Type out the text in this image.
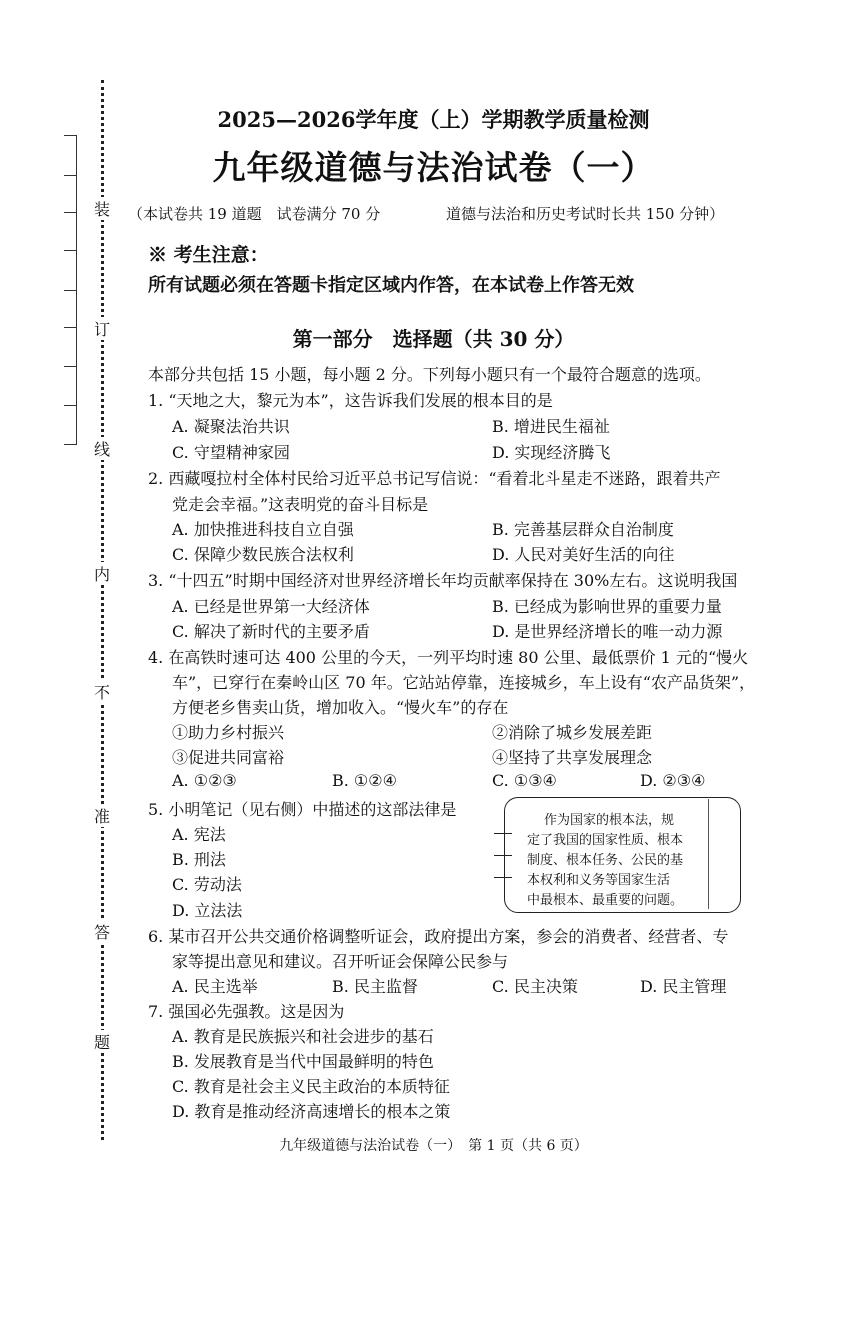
装
订
线
内
不
准
答
题
2025—2026学年度（上）学期教学质量检测
九年级道德与法治试卷（一）
（本试卷共 19 道题　试卷满分 70 分	道德与法治和历史考试时长共 150 分钟）
※ 考生注意：
所有试题必须在答题卡指定区域内作答，在本试卷上作答无效
第一部分　选择题（共 30 分）
本部分共包括 15 小题，每小题 2 分。下列每小题只有一个最符合题意的选项。
1. “天地之大，黎元为本”，这告诉我们发展的根本目的是
A. 凝聚法治共识	B. 增进民生福祉
C. 守望精神家园	D. 实现经济腾飞
2. 西藏嘎拉村全体村民给习近平总书记写信说：“看着北斗星走不迷路，跟着共产
党走会幸福。”这表明党的奋斗目标是
A. 加快推进科技自立自强	B. 完善基层群众自治制度
C. 保障少数民族合法权利	D. 人民对美好生活的向往
3. “十四五”时期中国经济对世界经济增长年均贡献率保持在 30%左右。这说明我国
A. 已经是世界第一大经济体	B. 已经成为影响世界的重要力量
C. 解决了新时代的主要矛盾	D. 是世界经济增长的唯一动力源
4. 在高铁时速可达 400 公里的今天，一列平均时速 80 公里、最低票价 1 元的“慢火
车”，已穿行在秦岭山区 70 年。它站站停靠，连接城乡，车上设有“农产品货架”，
方便老乡售卖山货，增加收入。“慢火车”的存在
①助力乡村振兴	②消除了城乡发展差距
③促进共同富裕	④坚持了共享发展理念
A. ①②③	B. ①②④	C. ①③④	D. ②③④
5. 小明笔记（见右侧）中描述的这部法律是
A. 宪法
B. 刑法
C. 劳动法
D. 立法法
作为国家的根本法，规
定了我国的国家性质、根本
制度、根本任务、公民的基
本权利和义务等国家生活
中最根本、最重要的问题。
6. 某市召开公共交通价格调整听证会，政府提出方案，参会的消费者、经营者、专
家等提出意见和建议。召开听证会保障公民参与
A. 民主选举	B. 民主监督	C. 民主决策	D. 民主管理
7. 强国必先强教。这是因为
A. 教育是民族振兴和社会进步的基石
B. 发展教育是当代中国最鲜明的特色
C. 教育是社会主义民主政治的本质特征
D. 教育是推动经济高速增长的根本之策
九年级道德与法治试卷（一）　第 1 页（共 6 页）
